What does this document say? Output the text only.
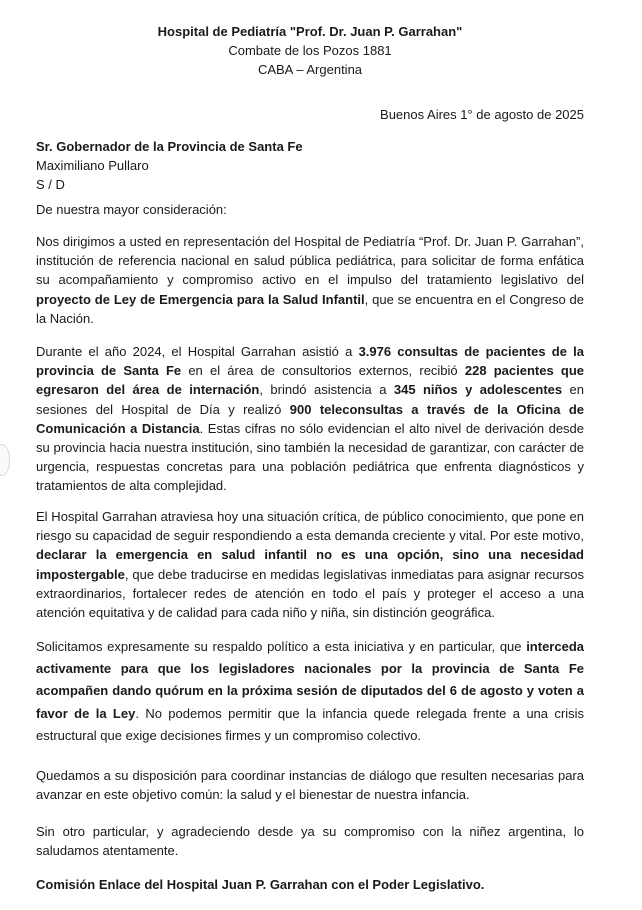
Hospital de Pediatría "Prof. Dr. Juan P. Garrahan"
Combate de los Pozos 1881
CABA – Argentina
Buenos Aires 1° de agosto de 2025
Sr. Gobernador de la Provincia de Santa Fe
Maximiliano Pullaro
S / D
De nuestra mayor consideración:

Nos dirigimos a usted en representación del Hospital de Pediatría “Prof. Dr. Juan P. Garrahan”, institución de referencia nacional en salud pública pediátrica, para solicitar de forma enfática su acompañamiento y compromiso activo en el impulso del tratamiento legislativo del proyecto de Ley de Emergencia para la Salud Infantil, que se encuentra en el Congreso de la Nación.

Durante el año 2024, el Hospital Garrahan asistió a 3.976 consultas de pacientes de la provincia de Santa Fe en el área de consultorios externos, recibió 228 pacientes que egresaron del área de internación, brindó asistencia a 345 niños y adolescentes en sesiones del Hospital de Día y realizó 900 teleconsultas a través de la Oficina de Comunicación a Distancia. Estas cifras no sólo evidencian el alto nivel de derivación desde su provincia hacia nuestra institución, sino también la necesidad de garantizar, con carácter de urgencia, respuestas concretas para una población pediátrica que enfrenta diagnósticos y tratamientos de alta complejidad.

El Hospital Garrahan atraviesa hoy una situación crítica, de público conocimiento, que pone en riesgo su capacidad de seguir respondiendo a esta demanda creciente y vital. Por este motivo, declarar la emergencia en salud infantil no es una opción, sino una necesidad impostergable, que debe traducirse en medidas legislativas inmediatas para asignar recursos extraordinarios, fortalecer redes de atención en todo el país y proteger el acceso a una atención equitativa y de calidad para cada niño y niña, sin distinción geográfica.

Solicitamos expresamente su respaldo político a esta iniciativa y en particular, que interceda activamente para que los legisladores nacionales por la provincia de Santa Fe acompañen dando quórum en la próxima sesión de diputados del 6 de agosto y voten a favor de la Ley. No podemos permitir que la infancia quede relegada frente a una crisis estructural que exige decisiones firmes y un compromiso colectivo.

Quedamos a su disposición para coordinar instancias de diálogo que resulten necesarias para avanzar en este objetivo común: la salud y el bienestar de nuestra infancia.

Sin otro particular, y agradeciendo desde ya su compromiso con la niñez argentina, lo saludamos atentamente.

Comisión Enlace del Hospital Juan P. Garrahan con el Poder Legislativo.
